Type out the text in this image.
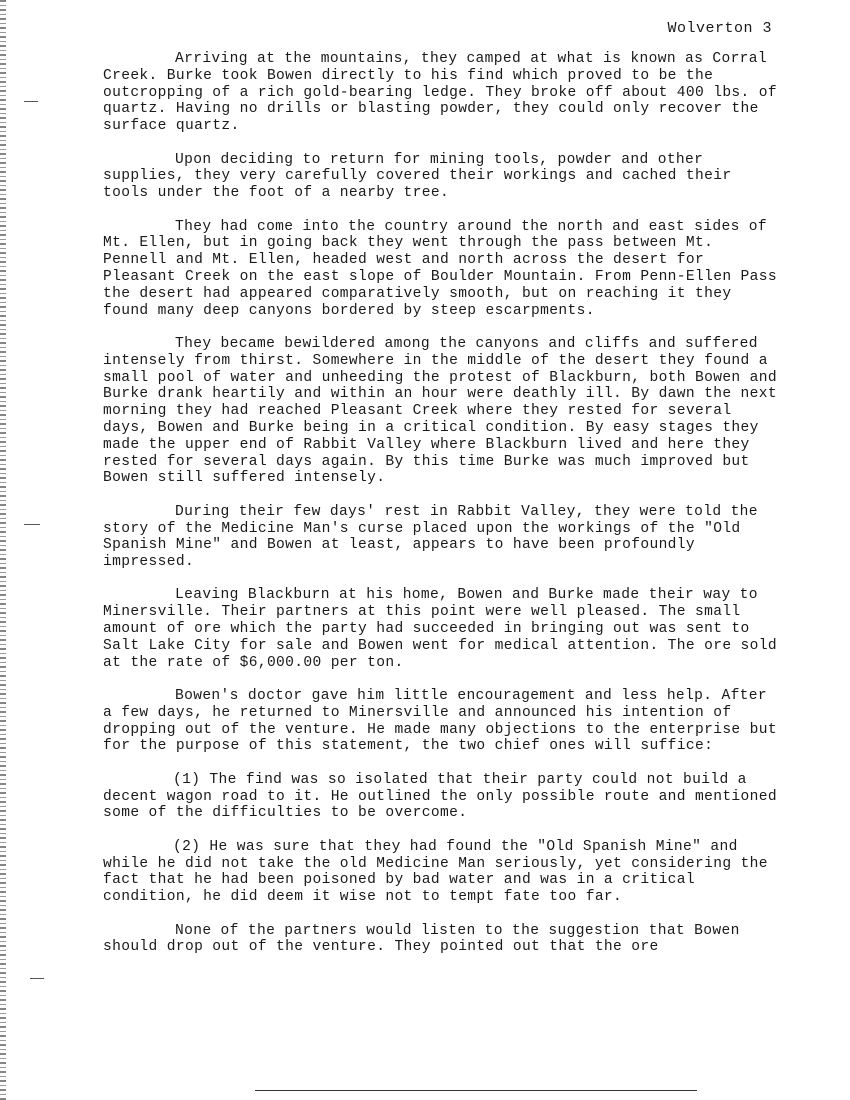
Wolverton 3

Arriving at the mountains, they camped at what is known as Corral Creek. Burke took Bowen directly to his find which proved to be the outcropping of a rich gold-bearing ledge. They broke off about 400 lbs. of quartz. Having no drills or blasting powder, they could only recover the surface quartz.

Upon deciding to return for mining tools, powder and other supplies, they very carefully covered their workings and cached their tools under the foot of a nearby tree.

They had come into the country around the north and east sides of Mt. Ellen, but in going back they went through the pass between Mt. Pennell and Mt. Ellen, headed west and north across the desert for Pleasant Creek on the east slope of Boulder Mountain. From Penn-Ellen Pass the desert had appeared comparatively smooth, but on reaching it they found many deep canyons bordered by steep escarpments.

They became bewildered among the canyons and cliffs and suffered intensely from thirst. Somewhere in the middle of the desert they found a small pool of water and unheeding the protest of Blackburn, both Bowen and Burke drank heartily and within an hour were deathly ill. By dawn the next morning they had reached Pleasant Creek where they rested for several days, Bowen and Burke being in a critical condition. By easy stages they made the upper end of Rabbit Valley where Blackburn lived and here they rested for several days again. By this time Burke was much improved but Bowen still suffered intensely.

During their few days' rest in Rabbit Valley, they were told the story of the Medicine Man's curse placed upon the workings of the "Old Spanish Mine" and Bowen at least, appears to have been profoundly impressed.

Leaving Blackburn at his home, Bowen and Burke made their way to Minersville. Their partners at this point were well pleased. The small amount of ore which the party had succeeded in bringing out was sent to Salt Lake City for sale and Bowen went for medical attention. The ore sold at the rate of $6,000.00 per ton.

Bowen's doctor gave him little encouragement and less help. After a few days, he returned to Minersville and announced his intention of dropping out of the venture. He made many objections to the enterprise but for the purpose of this statement, the two chief ones will suffice:

(1) The find was so isolated that their party could not build a decent wagon road to it. He outlined the only possible route and mentioned some of the difficulties to be overcome.

(2) He was sure that they had found the "Old Spanish Mine" and while he did not take the old Medicine Man seriously, yet considering the fact that he had been poisoned by bad water and was in a critical condition, he did deem it wise not to tempt fate too far.

None of the partners would listen to the suggestion that Bowen should drop out of the venture. They pointed out that the ore
